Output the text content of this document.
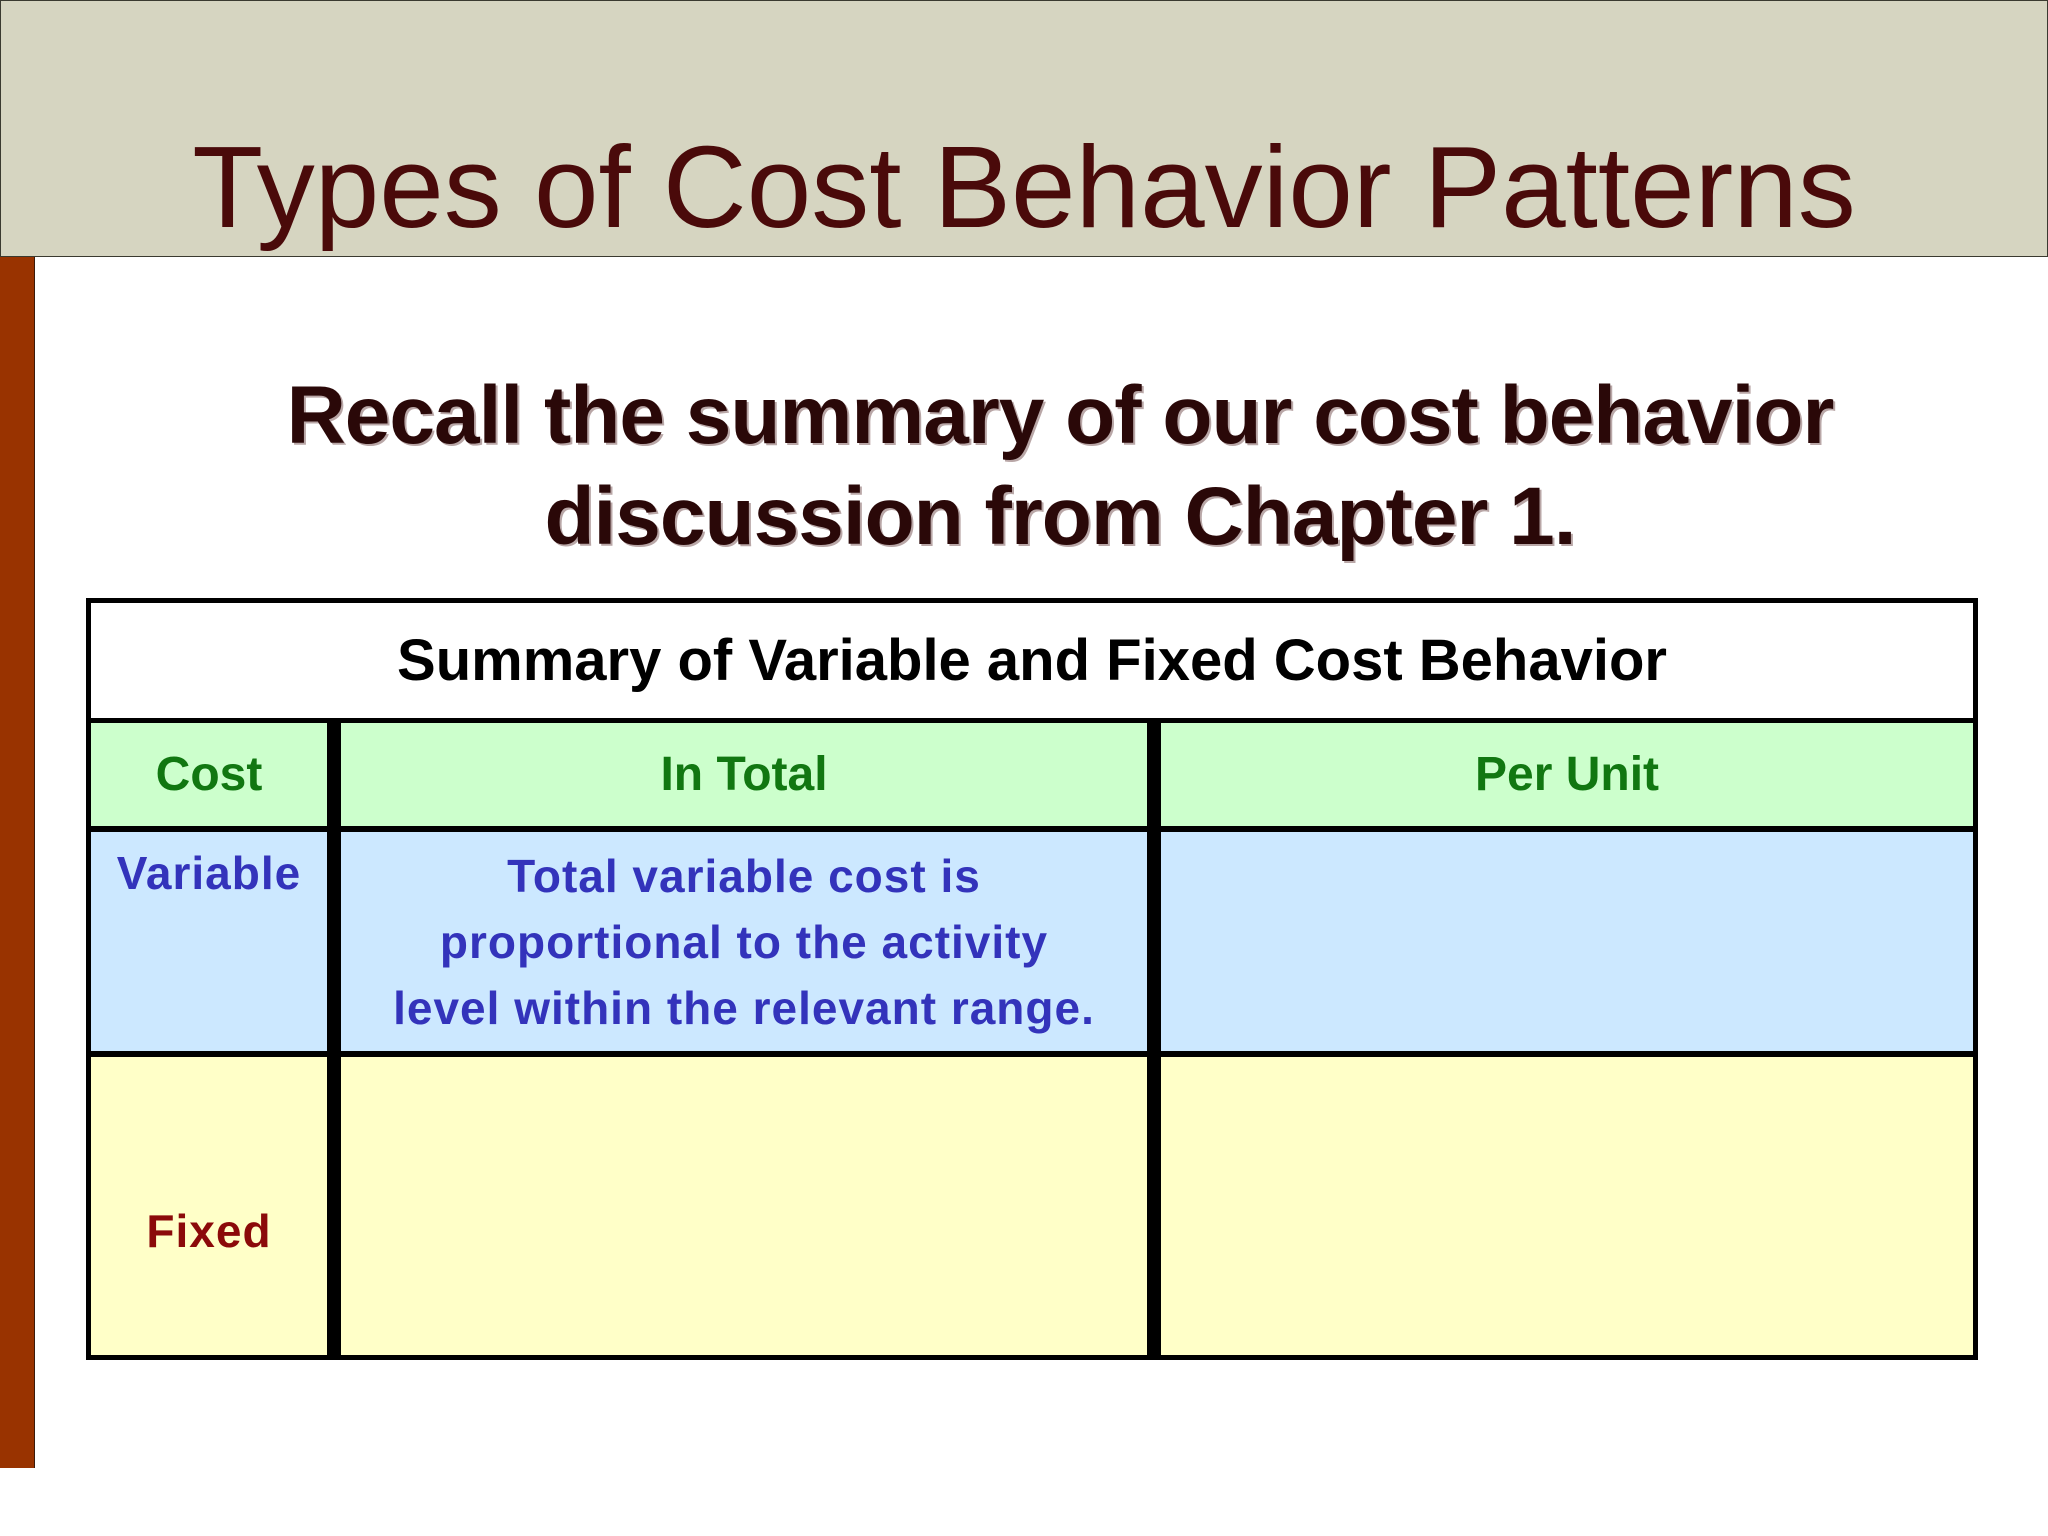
Types of Cost Behavior Patterns
Recall the summary of our cost behavior
discussion from Chapter 1.
Summary of Variable and Fixed Cost Behavior
Cost	In Total	Per Unit
Variable	Total variable cost is
proportional to the activity
level within the relevant range.
Fixed
